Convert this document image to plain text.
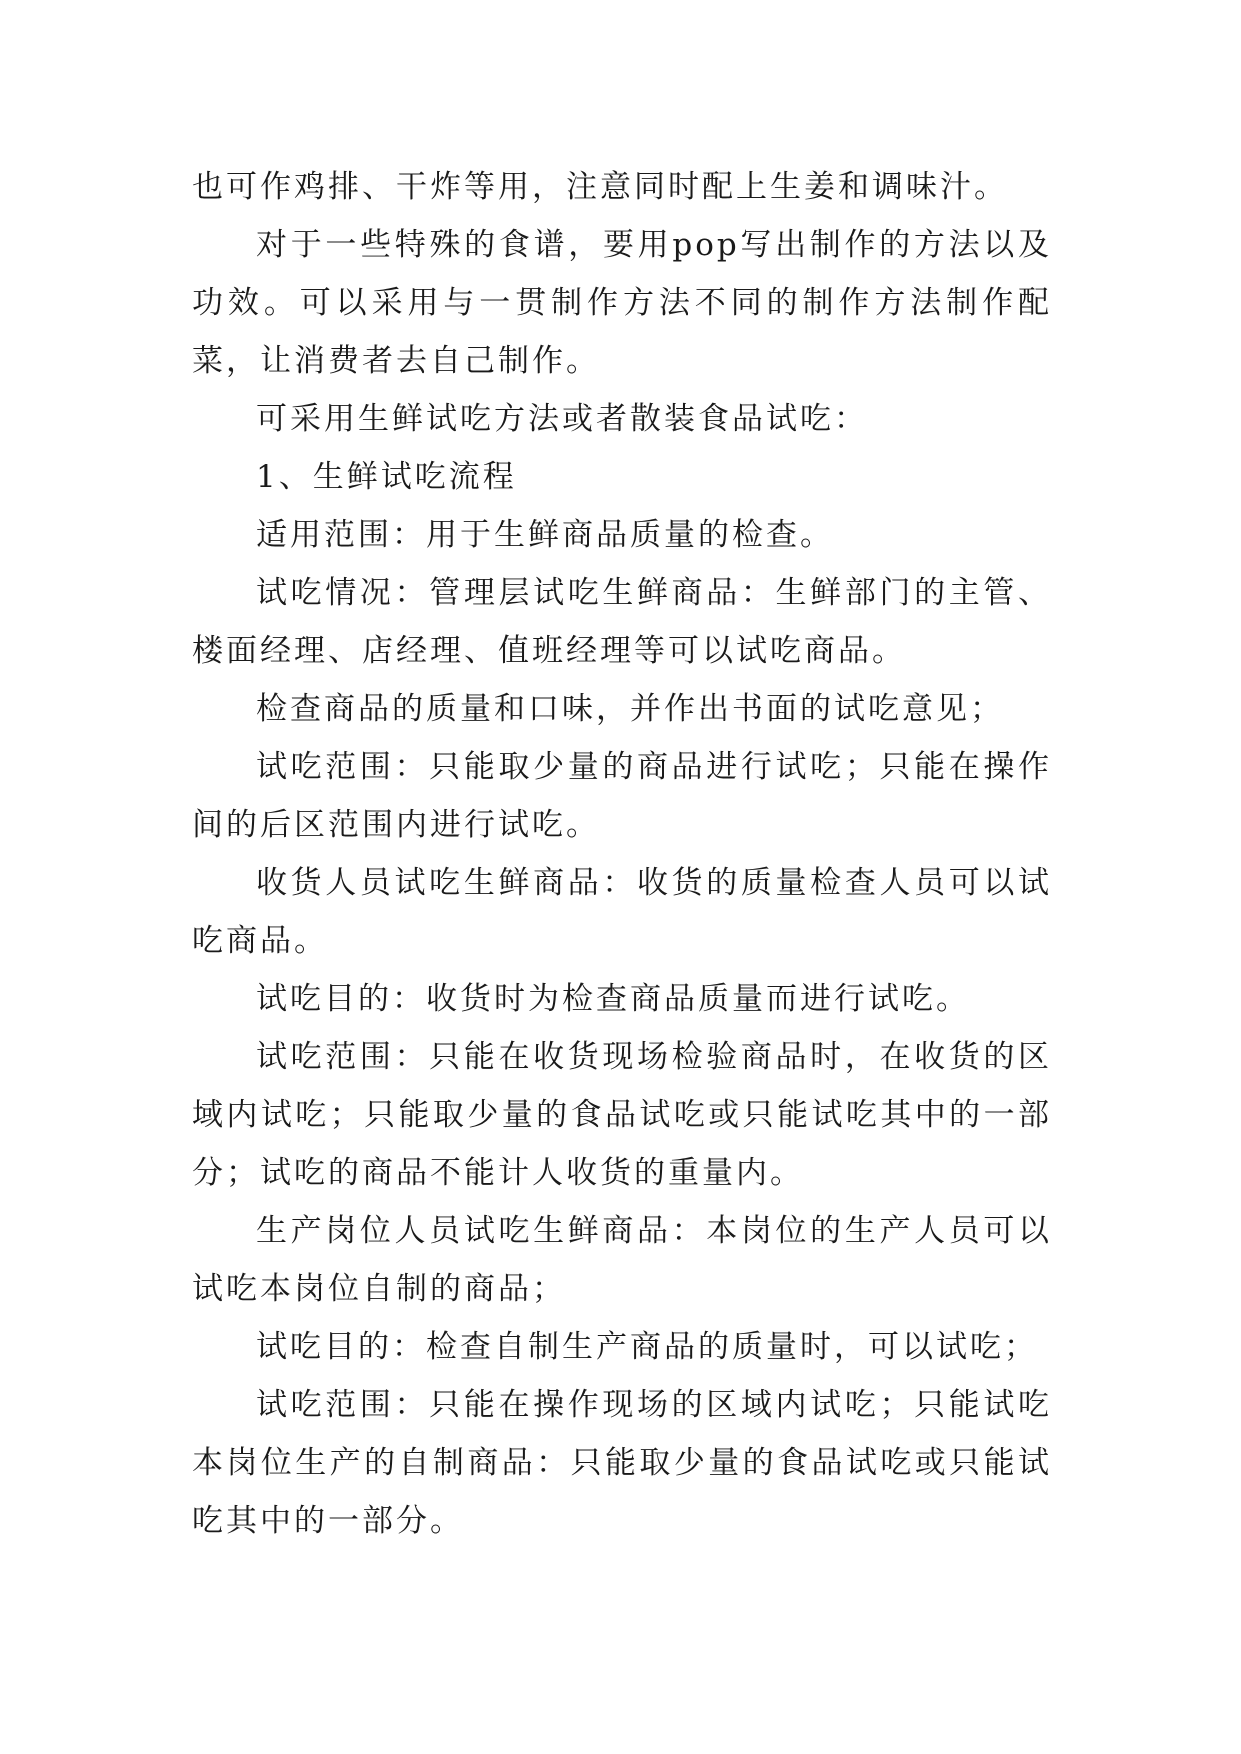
也可作鸡排、干炸等用，注意同时配上生姜和调味汁。

对于一些特殊的食谱，要用pop写出制作的方法以及功效。可以采用与一贯制作方法不同的制作方法制作配菜，让消费者去自己制作。

可采用生鲜试吃方法或者散装食品试吃：

1、生鲜试吃流程

适用范围：用于生鲜商品质量的检查。

试吃情况：管理层试吃生鲜商品：生鲜部门的主管、楼面经理、店经理、值班经理等可以试吃商品。

检查商品的质量和口味，并作出书面的试吃意见；

试吃范围：只能取少量的商品进行试吃；只能在操作间的后区范围内进行试吃。

收货人员试吃生鲜商品：收货的质量检查人员可以试吃商品。

试吃目的：收货时为检查商品质量而进行试吃。

试吃范围：只能在收货现场检验商品时，在收货的区域内试吃；只能取少量的食品试吃或只能试吃其中的一部分；试吃的商品不能计人收货的重量内。

生产岗位人员试吃生鲜商品：本岗位的生产人员可以试吃本岗位自制的商品；

试吃目的：检查自制生产商品的质量时，可以试吃；

试吃范围：只能在操作现场的区域内试吃；只能试吃本岗位生产的自制商品：只能取少量的食品试吃或只能试吃其中的一部分。
